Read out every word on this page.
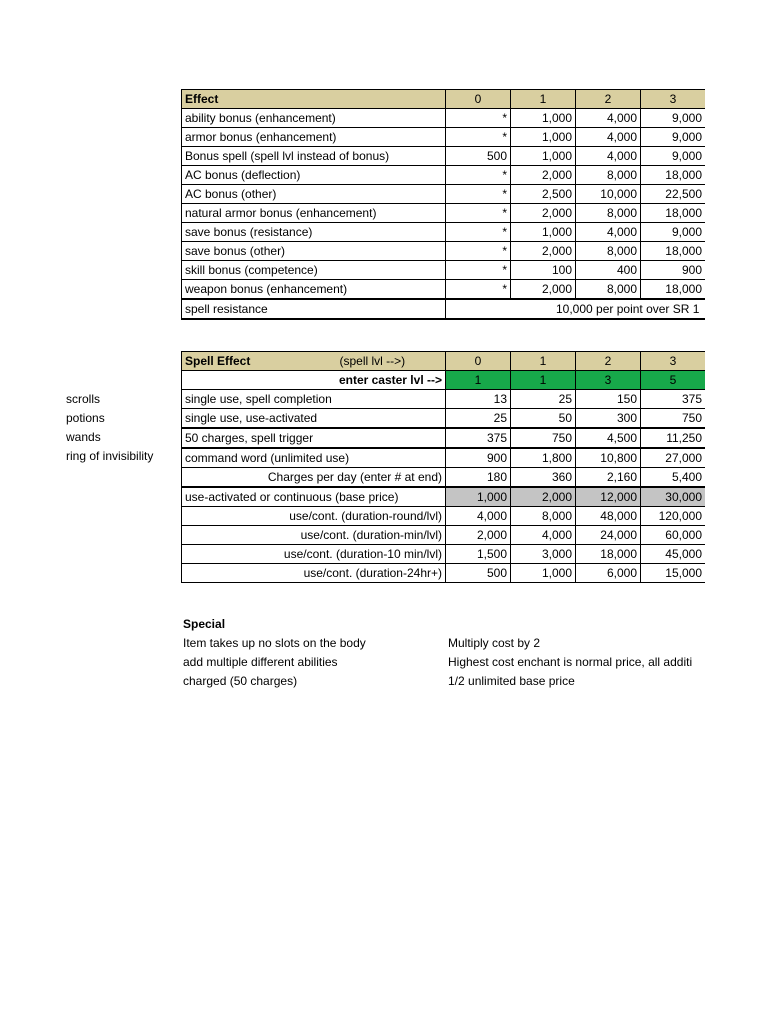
Effect	0	1	2	3
ability bonus (enhancement)	*	1,000	4,000	9,000
armor bonus (enhancement)	*	1,000	4,000	9,000
Bonus spell (spell lvl instead of bonus)	500	1,000	4,000	9,000
AC bonus (deflection)	*	2,000	8,000	18,000
AC bonus (other)	*	2,500	10,000	22,500
natural armor bonus (enhancement)	*	2,000	8,000	18,000
save bonus (resistance)	*	1,000	4,000	9,000
save bonus (other)	*	2,000	8,000	18,000
skill bonus (competence)	*	100	400	900
weapon bonus (enhancement)	*	2,000	8,000	18,000
spell resistance	10,000 per point over SR 1			
Spell Effect (spell lvl -->)	0	1	2	3
enter caster lvl -->	1	1	3	5
single use, spell completion	13	25	150	375
single use, use-activated	25	50	300	750
50 charges, spell trigger	375	750	4,500	11,250
command word (unlimited use)	900	1,800	10,800	27,000
Charges per day (enter # at end)	180	360	2,160	5,400
use-activated or continuous (base price)	1,000	2,000	12,000	30,000
use/cont. (duration-round/lvl)	4,000	8,000	48,000	120,000
use/cont. (duration-min/lvl)	2,000	4,000	24,000	60,000
use/cont. (duration-10 min/lvl)	1,500	3,000	18,000	45,000
use/cont. (duration-24hr+)	500	1,000	6,000	15,000
scrolls
potions
wands
ring of invisibility
Special
Item takes up no slots on the body	Multiply cost by 2
add multiple different abilities	Highest cost enchant is normal price, all additi
charged (50 charges)	1/2 unlimited base price
